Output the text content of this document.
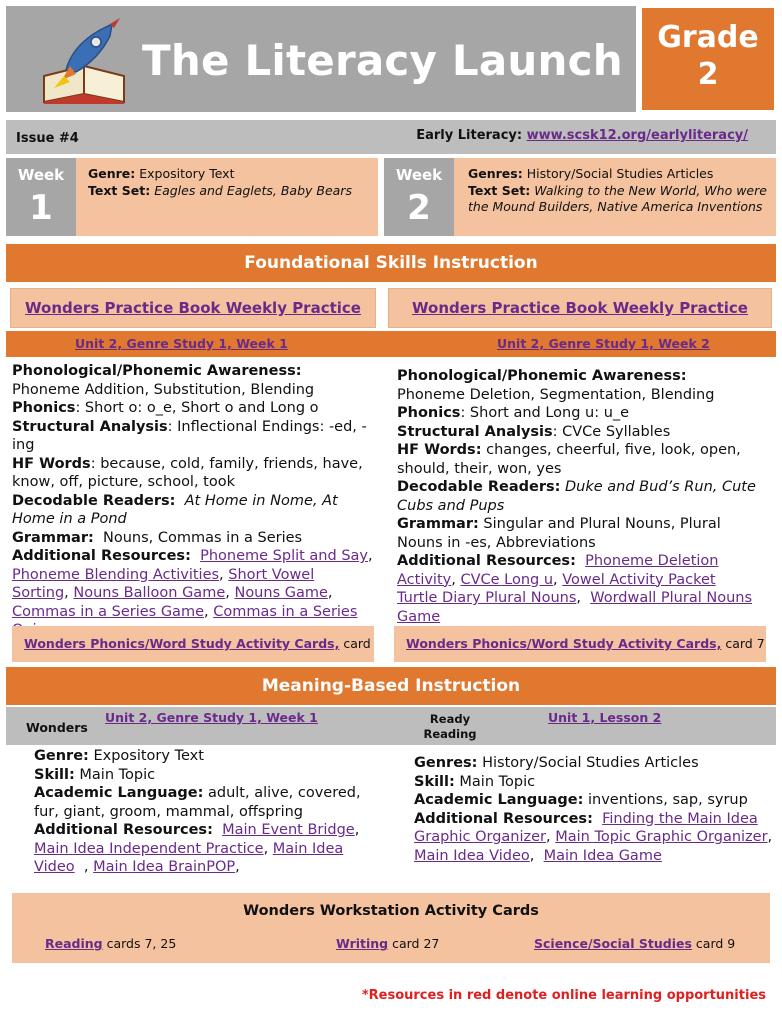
The Literacy Launch	Grade
2
Issue #4	Early Literacy: www.scsk12.org/earlyliteracy/
Week
1
Genre: Expository Text
Text Set: Eagles and Eaglets, Baby Bears
Week
2
Genres: History/Social Studies Articles
Text Set: Walking to the New World, Who were the Mound Builders, Native America Inventions
Foundational Skills Instruction
Wonders Practice Book Weekly Practice	Wonders Practice Book Weekly Practice
Unit 2, Genre Study 1, Week 1	Unit 2, Genre Study 1, Week 2
Phonological/Phonemic Awareness: Phoneme Addition, Substitution, Blending
Phonics: Short o: o_e, Short o and Long o
Structural Analysis: Inflectional Endings: -ed, -ing
HF Words: because, cold, family, friends, have, know, off, picture, school, took
Decodable Readers: At Home in Nome, At Home in a Pond
Grammar: Nouns, Commas in a Series
Additional Resources: Phoneme Split and Say, Phoneme Blending Activities, Short Vowel Sorting, Nouns Balloon Game, Nouns Game,  Commas in a Series Game, Commas in a Series
Phonological/Phonemic Awareness: Phoneme Deletion, Segmentation, Blending
Phonics: Short and Long u: u_e
Structural Analysis: CVCe Syllables
HF Words: changes, cheerful, five, look, open, should, their, won, yes
Decodable Readers: Duke and Bud’s Run, Cute Cubs and Pups
Grammar: Singular and Plural Nouns, Plural Nouns in -es, Abbreviations
Additional Resources: Phoneme Deletion Activity, CVCe Long u, Vowel Activity Packet Turtle Diary Plural Nouns,  Wordwall Plural Nouns Game
Wonders Phonics/Word Study Activity Cards, card	Wonders Phonics/Word Study Activity Cards, card 7
Meaning-Based Instruction
Wonders
Unit 2, Genre Study 1, Week 1	Ready
Reading
Unit 1, Lesson 2
Genre: Expository Text
Skill: Main Topic
Academic Language: adult, alive, covered, fur, giant, groom, mammal, offspring
Additional Resources: Main Event Bridge, Main Idea Independent Practice, Main Idea Video  , Main Idea BrainPOP,
Genres: History/Social Studies Articles
Skill: Main Topic
Academic Language: inventions, sap, syrup
Additional Resources: Finding the Main Idea Graphic Organizer, Main Topic Graphic Organizer, Main Idea Video,  Main Idea Game
Wonders Workstation Activity Cards
Reading cards 7, 25	Writing card 27	Science/Social Studies card 9
*Resources in red denote online learning opportunities
